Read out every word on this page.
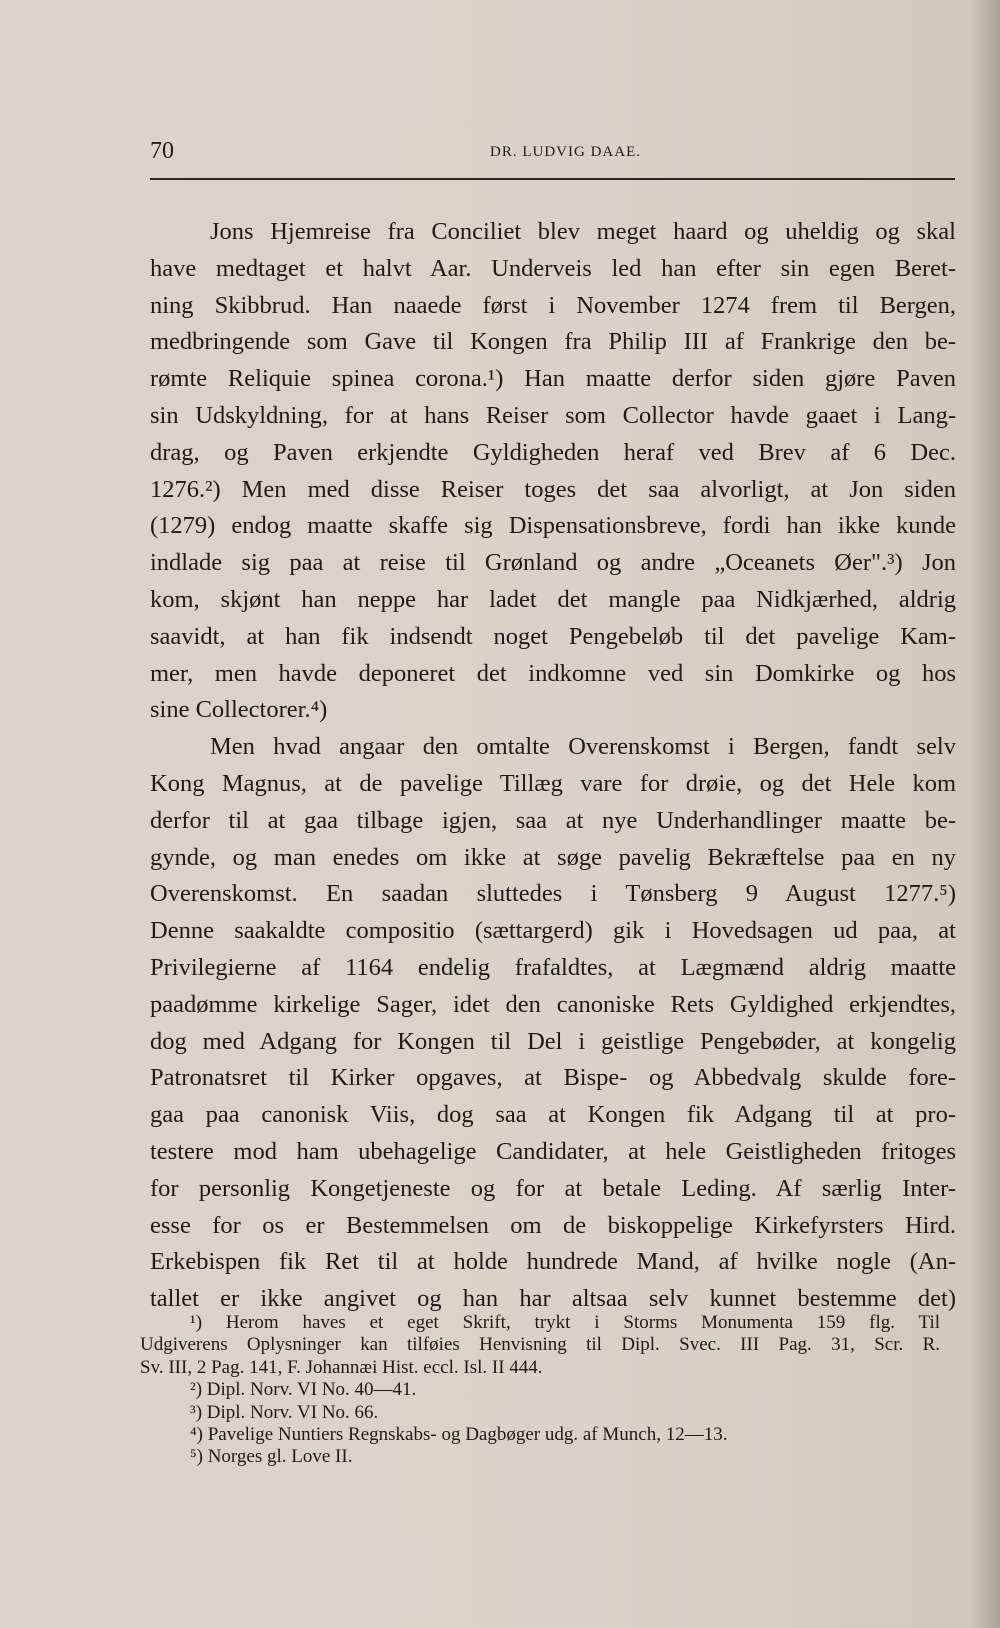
70	DR. LUDVIG DAAE.
Jons Hjemreise fra Conciliet blev meget haard og uheldig og skal
have medtaget et halvt Aar. Underveis led han efter sin egen Beret-
ning Skibbrud. Han naaede først i November 1274 frem til Bergen,
medbringende som Gave til Kongen fra Philip III af Frankrige den be-
rømte Reliquie spinea corona.¹) Han maatte derfor siden gjøre Paven
sin Udskyldning, for at hans Reiser som Collector havde gaaet i Lang-
drag, og Paven erkjendte Gyldigheden heraf ved Brev af 6 Dec.
1276.²) Men med disse Reiser toges det saa alvorligt, at Jon siden
(1279) endog maatte skaffe sig Dispensationsbreve, fordi han ikke kunde
indlade sig paa at reise til Grønland og andre „Oceanets Øer".³) Jon
kom, skjønt han neppe har ladet det mangle paa Nidkjærhed, aldrig
saavidt, at han fik indsendt noget Pengebeløb til det pavelige Kam-
mer, men havde deponeret det indkomne ved sin Domkirke og hos
sine Collectorer.⁴)
Men hvad angaar den omtalte Overenskomst i Bergen, fandt selv
Kong Magnus, at de pavelige Tillæg vare for drøie, og det Hele kom
derfor til at gaa tilbage igjen, saa at nye Underhandlinger maatte be-
gynde, og man enedes om ikke at søge pavelig Bekræftelse paa en ny
Overenskomst. En saadan sluttedes i Tønsberg 9 August 1277.⁵)
Denne saakaldte compositio (sættargerd) gik i Hovedsagen ud paa, at
Privilegierne af 1164 endelig frafaldtes, at Lægmænd aldrig maatte
paadømme kirkelige Sager, idet den canoniske Rets Gyldighed erkjendtes,
dog med Adgang for Kongen til Del i geistlige Pengebøder, at kongelig
Patronatsret til Kirker opgaves, at Bispe- og Abbedvalg skulde fore-
gaa paa canonisk Viis, dog saa at Kongen fik Adgang til at pro-
testere mod ham ubehagelige Candidater, at hele Geistligheden fritoges
for personlig Kongetjeneste og for at betale Leding. Af særlig Inter-
esse for os er Bestemmelsen om de biskoppelige Kirkefyrsters Hird.
Erkebispen fik Ret til at holde hundrede Mand, af hvilke nogle (An-
tallet er ikke angivet og han har altsaa selv kunnet bestemme det)
¹) Herom haves et eget Skrift, trykt i Storms Monumenta 159 flg. Til
Udgiverens Oplysninger kan tilføies Henvisning til Dipl. Svec. III Pag. 31, Scr. R.
Sv. III, 2 Pag. 141, F. Johannæi Hist. eccl. Isl. II 444.
²) Dipl. Norv. VI No. 40—41.
³) Dipl. Norv. VI No. 66.
⁴) Pavelige Nuntiers Regnskabs- og Dagbøger udg. af Munch, 12—13.
⁵) Norges gl. Love II.
